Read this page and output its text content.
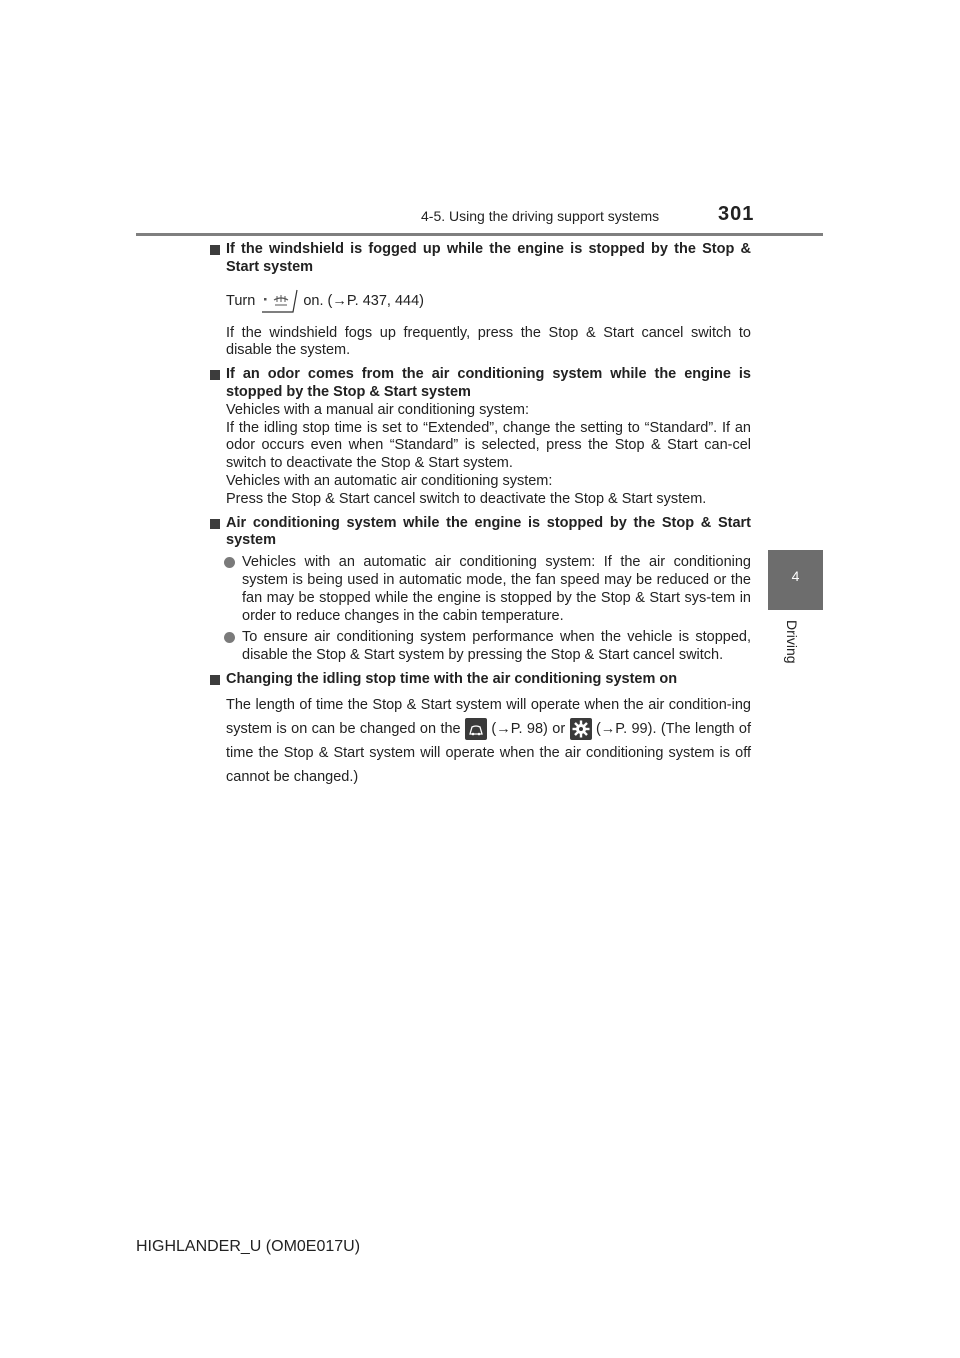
4-5. Using the driving support systems	301
4
Driving
If the windshield is fogged up while the engine is stopped by the Stop & Start system
Turn	on. (→P. 437, 444)
If the windshield fogs up frequently, press the Stop & Start cancel switch to disable the system.
If an odor comes from the air conditioning system while the engine is stopped by the Stop & Start system
Vehicles with a manual air conditioning system:
If the idling stop time is set to “Extended”, change the setting to “Standard”. If an odor occurs even when “Standard” is selected, press the Stop & Start can-cel switch to deactivate the Stop & Start system.
Vehicles with an automatic air conditioning system:
Press the Stop & Start cancel switch to deactivate the Stop & Start system.
Air conditioning system while the engine is stopped by the Stop & Start system
Vehicles with an automatic air conditioning system: If the air conditioning system is being used in automatic mode, the fan speed may be reduced or the fan may be stopped while the engine is stopped by the Stop & Start sys-tem in order to reduce changes in the cabin temperature.
To ensure air conditioning system performance when the vehicle is stopped, disable the Stop & Start system by pressing the Stop & Start cancel switch.
Changing the idling stop time with the air conditioning system on
The length of time the Stop & Start system will operate when the air condition-ing system is on can be changed on the (→P. 98) or (→P. 99). (The length of time the Stop & Start system will operate when the air conditioning system is off cannot be changed.)
HIGHLANDER_U (OM0E017U)
